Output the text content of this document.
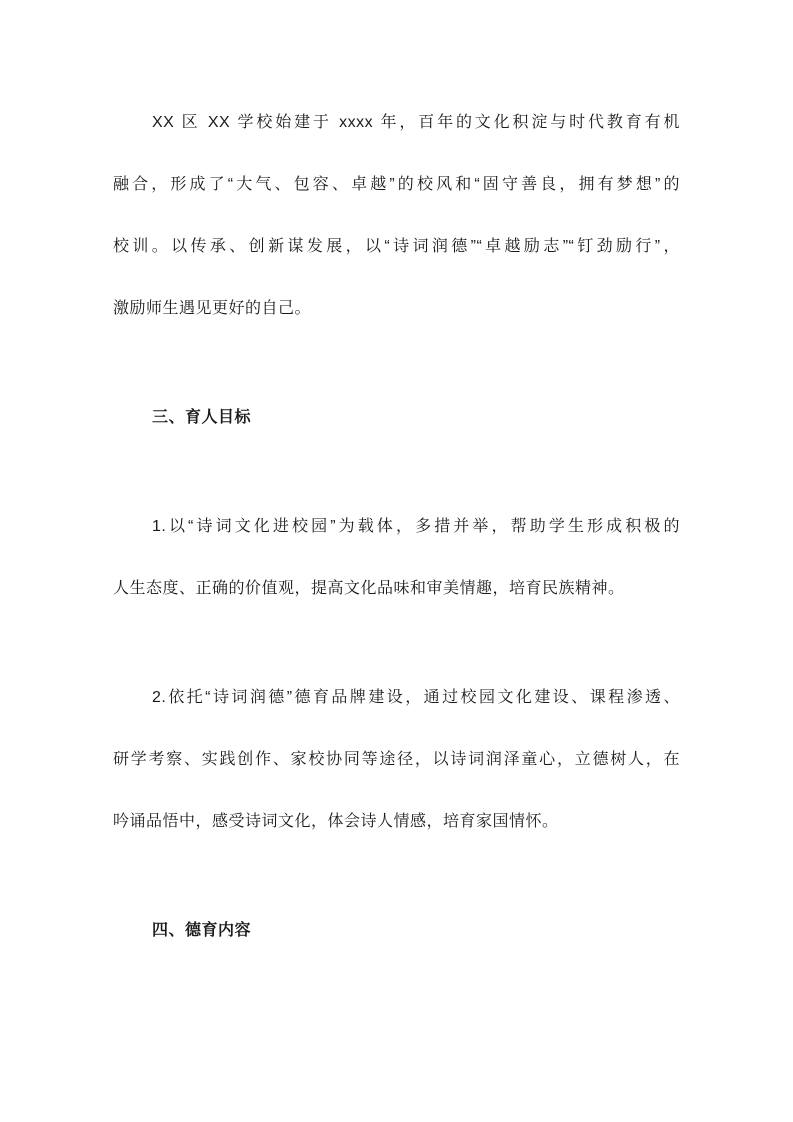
XX 区 XX 学校始建于 xxxx 年，百年的文化积淀与时代教育有机
融合，形成了“大气、包容、卓越”的校风和“固守善良，拥有梦想”的
校训。以传承、创新谋发展，以“诗词润德”“卓越励志”“钉劲励行”，
激励师生遇见更好的自己。
三、育人目标
1.以“诗词文化进校园”为载体，多措并举，帮助学生形成积极的
人生态度、正确的价值观，提高文化品味和审美情趣，培育民族精神。
2.依托“诗词润德”德育品牌建设，通过校园文化建设、课程渗透、
研学考察、实践创作、家校协同等途径，以诗词润泽童心，立德树人，在
吟诵品悟中，感受诗词文化，体会诗人情感，培育家国情怀。
四、德育内容
